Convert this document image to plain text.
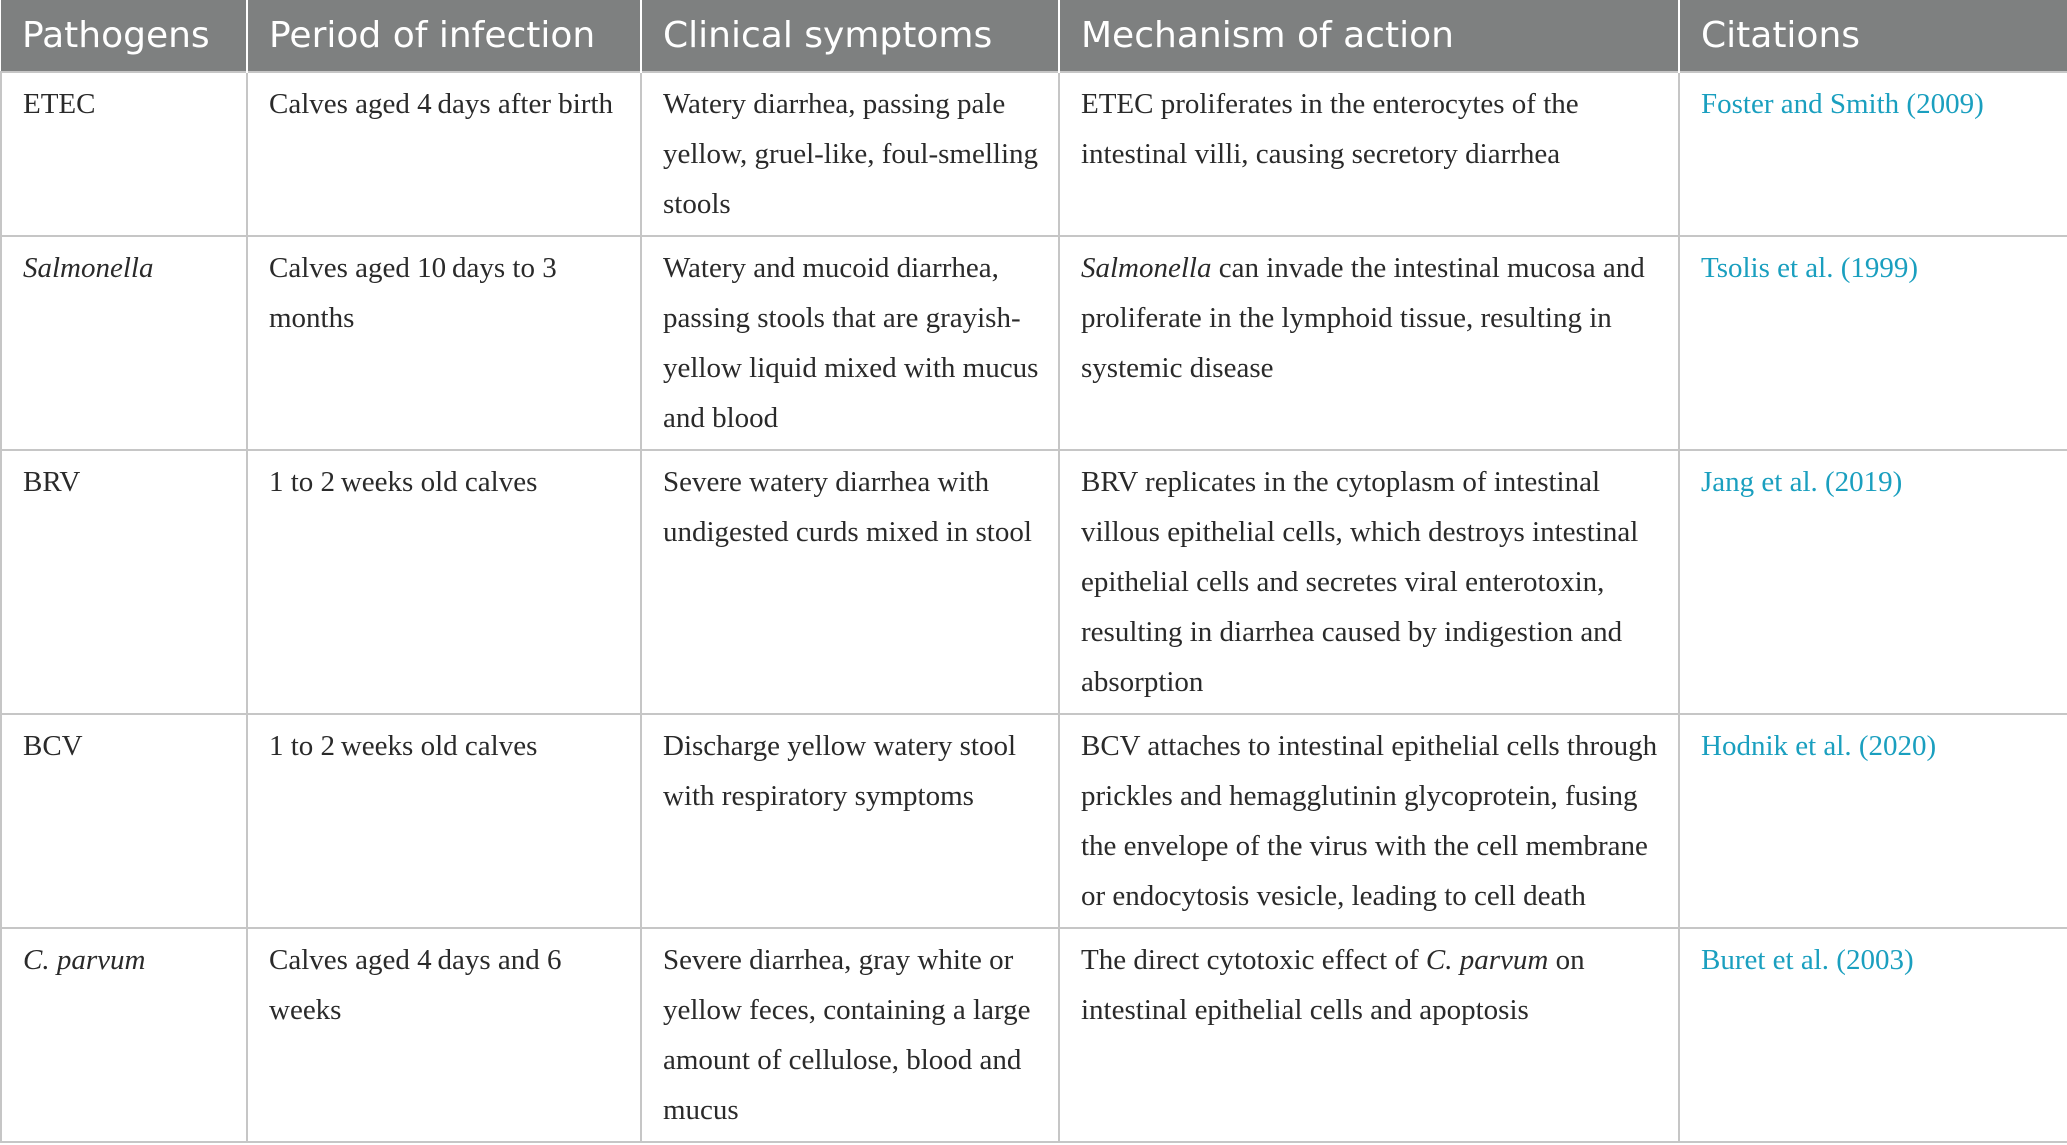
Pathogens	Period of infection	Clinical symptoms	Mechanism of action	Citations
ETEC	Calves aged 4 days after birth	Watery diarrhea, passing pale yellow, gruel-like, foul-smelling stools	ETEC proliferates in the enterocytes of the intestinal villi, causing secretory diarrhea	Foster and Smith (2009)
Salmonella	Calves aged 10 days to 3 months	Watery and mucoid diarrhea, passing stools that are grayish-yellow liquid mixed with mucus and blood	Salmonella can invade the intestinal mucosa and proliferate in the lymphoid tissue, resulting in systemic disease	Tsolis et al. (1999)
BRV	1 to 2 weeks old calves	Severe watery diarrhea with undigested curds mixed in stool	BRV replicates in the cytoplasm of intestinal villous epithelial cells, which destroys intestinal epithelial cells and secretes viral enterotoxin, resulting in diarrhea caused by indigestion and absorption	Jang et al. (2019)
BCV	1 to 2 weeks old calves	Discharge yellow watery stool with respiratory symptoms	BCV attaches to intestinal epithelial cells through prickles and hemagglutinin glycoprotein, fusing the envelope of the virus with the cell membrane or endocytosis vesicle, leading to cell death	Hodnik et al. (2020)
C. parvum	Calves aged 4 days and 6 weeks	Severe diarrhea, gray white or yellow feces, containing a large amount of cellulose, blood and mucus	The direct cytotoxic effect of C. parvum on intestinal epithelial cells and apoptosis	Buret et al. (2003)
